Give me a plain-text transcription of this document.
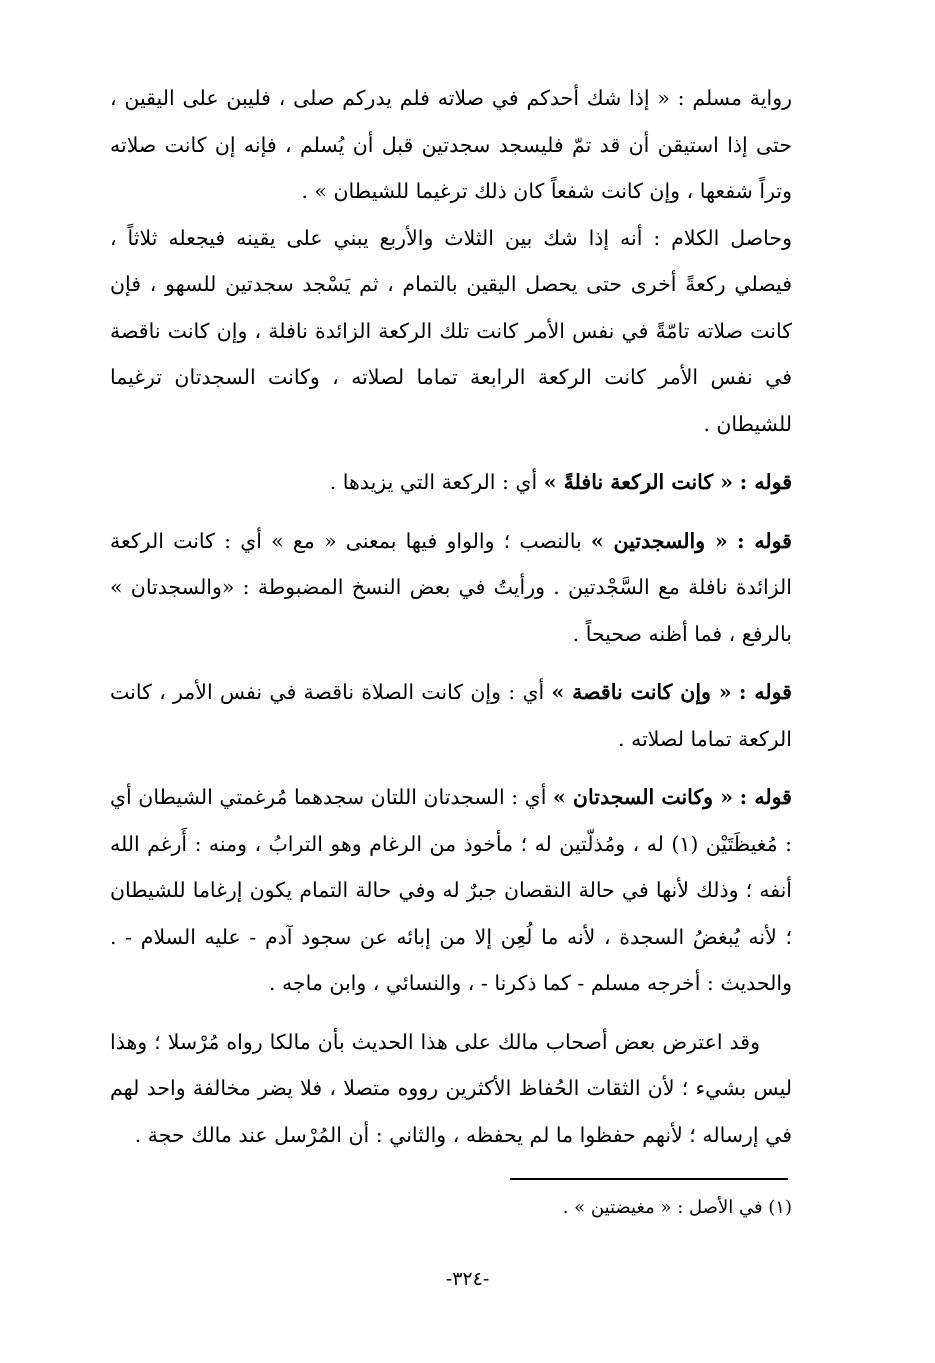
رواية مسلم : « إذا شك أحدكم في صلاته فلم يدركم صلى ، فليبن على اليقين ، حتى إذا استيقن أن قد تمّ فليسجد سجدتين قبل أن يُسلم ، فإنه إن كانت صلاته وتراً شفعها ، وإن كانت شفعاً كان ذلك ترغيما للشيطان » .

وحاصل الكلام : أنه إذا شك بين الثلاث والأربع يبني على يقينه فيجعله ثلاثاً ، فيصلي ركعةً أخرى حتى يحصل اليقين بالتمام ، ثم يَسْجد سجدتين للسهو ، فإن كانت صلاته تامّةً في نفس الأمر كانت تلك الركعة الزائدة نافلة ، وإن كانت ناقصة في نفس الأمر كانت الركعة الرابعة تماما لصلاته ، وكانت السجدتان ترغيما للشيطان .

قوله : « كانت الركعة نافلةً » أي : الركعة التي يزيدها .

قوله : « والسجدتين » بالنصب ؛ والواو فيها بمعنى « مع » أي : كانت الركعة الزائدة نافلة مع السَّجْدتين . ورأيتُ في بعض النسخ المضبوطة : «والسجدتان » بالرفع ، فما أظنه صحيحاً .

قوله : « وإن كانت ناقصة » أي : وإن كانت الصلاة ناقصة في نفس الأمر ، كانت الركعة تماما لصلاته .

قوله : « وكانت السجدتان » أي : السجدتان اللتان سجدهما مُرغمتي الشيطان أي : مُغيظَتَيْن (١) له ، ومُذلّتين له ؛ مأخوذ من الرغام وهو الترابُ ، ومنه : أَرغم الله أنفه ؛ وذلك لأنها في حالة النقصان جبرٌ له وفي حالة التمام يكون إرغاما للشيطان ؛ لأنه يُبغضُ السجدة ، لأنه ما لُعِن إلا من إبائه عن سجود آدم - عليه السلام - . والحديث : أخرجه مسلم - كما ذكرنا - ، والنسائي ، وابن ماجه .

وقد اعترض بعض أصحاب مالك على هذا الحديث بأن مالكا رواه مُرْسلا ؛ وهذا ليس بشيء ؛ لأن الثقات الحُفاظ الأكثرين رووه متصلا ، فلا يضر مخالفة واحد لهم في إرساله ؛ لأنهم حفظوا ما لم يحفظه ، والثاني : أن المُرْسل عند مالك حجة .

(١) في الأصل : « مغيضتين » .
-٣٢٤-
